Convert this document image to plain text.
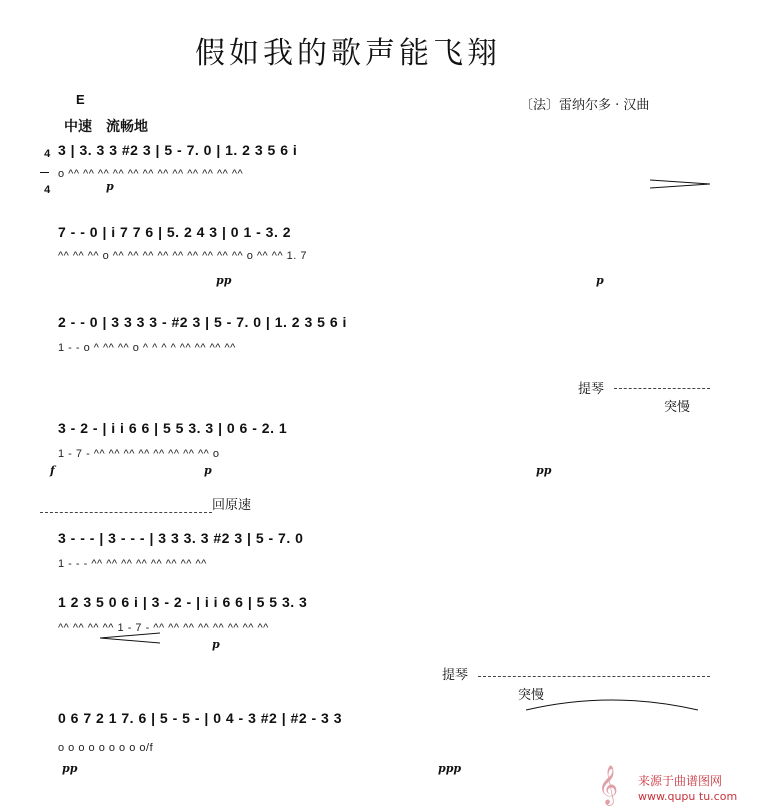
假如我的歌声能飞翔
E	〔法〕雷纳尔多 · 汉曲
中速　流畅地

4

4

3 | 3. 3 3 #2 3 | 5 - 7. 0 | 1. 2 3 5 6 i
o ^^ ^^ ^^ ^^ ^^ ^^ ^^ ^^ ^^ ^^ ^^ ^^
p
7 - - 0 | i 7 7 6 | 5. 2 4 3 | 0 1 - 3. 2
^^ ^^ ^^ o ^^ ^^ ^^ ^^ ^^ ^^ ^^ ^^ ^^ o ^^ ^^ 1. 7
pp	p
2 - - 0 | 3 3 3 3 - #2 3 | 5 - 7. 0 | 1. 2 3 5 6 i
1 - - o ^ ^^ ^^ o ^ ^ ^ ^ ^^ ^^ ^^ ^^
提琴
突慢
3 - 2 - | i i 6 6 | 5 5 3. 3 | 0 6 - 2. 1
1 - 7 - ^^ ^^ ^^ ^^ ^^ ^^ ^^ ^^ o
f	p	pp
回原速
3 - - - | 3 - - - | 3 3 3. 3 #2 3 | 5 - 7. 0
1 - - - ^^ ^^ ^^ ^^ ^^ ^^ ^^ ^^
1 2 3 5 0 6 i | 3 - 2 - | i i 6 6 | 5 5 3. 3
^^ ^^ ^^ ^^ 1 - 7 - ^^ ^^ ^^ ^^ ^^ ^^ ^^ ^^
p
提琴
突慢
0 6 7 2 1 7. 6 | 5 - 5 - | 0 4 - 3 #2 | #2 - 3 3
o o o o o o o o o/f
pp	ppp	𝄞 来源于曲谱图网
www.qupu tu.com
